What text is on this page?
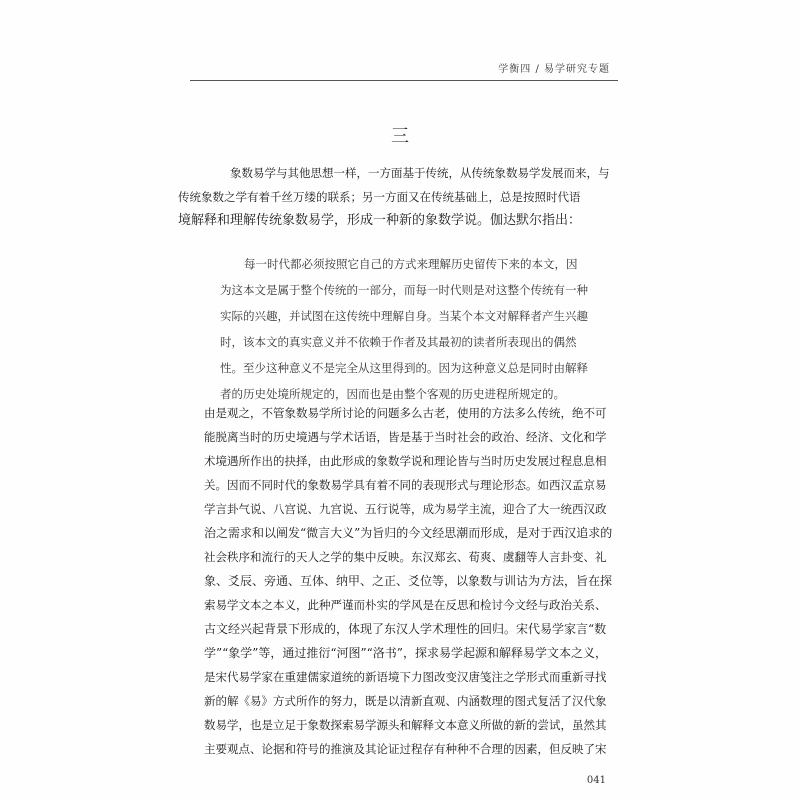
学衡四 / 易学研究专题
三

象数易学与其他思想一样，一方面基于传统，从传统象数易学发展而来，与
传统象数之学有着千丝万缕的联系；另一方面又在传统基础上，总是按照时代语
境解释和理解传统象数易学，形成一种新的象数学说。伽达默尔指出：

每一时代都必须按照它自己的方式来理解历史留传下来的本文，因
为这本文是属于整个传统的一部分，而每一时代则是对这整个传统有一种
实际的兴趣，并试图在这传统中理解自身。当某个本文对解释者产生兴趣
时，该本文的真实意义并不依赖于作者及其最初的读者所表现出的偶然
性。至少这种意义不是完全从这里得到的。因为这种意义总是同时由解释
者的历史处境所规定的，因而也是由整个客观的历史进程所规定的。

由是观之，不管象数易学所讨论的问题多么古老，使用的方法多么传统，绝不可
能脱离当时的历史境遇与学术话语，皆是基于当时社会的政治、经济、文化和学
术境遇所作出的抉择，由此形成的象数学说和理论皆与当时历史发展过程息息相
关。因而不同时代的象数易学具有着不同的表现形式与理论形态。如西汉孟京易
学言卦气说、八宫说、九宫说、五行说等，成为易学主流，迎合了大一统西汉政
治之需求和以阐发“微言大义”为旨归的今文经思潮而形成，是对于西汉追求的
社会秩序和流行的天人之学的集中反映。东汉郑玄、荀爽、虞翻等人言卦变、礼
象、爻辰、旁通、互体、纳甲、之正、爻位等，以象数与训诂为方法，旨在探
索易学文本之本义，此种严谨而朴实的学风是在反思和检讨今文经与政治关系、
古文经兴起背景下形成的，体现了东汉人学术理性的回归。宋代易学家言“数
学”“象学”等，通过推衍“河图”“洛书”，探求易学起源和解释易学文本之义，
是宋代易学家在重建儒家道统的新语境下力图改变汉唐笺注之学形式而重新寻找
新的解《易》方式所作的努力，既是以清新直观、内涵数理的图式复活了汉代象
数易学，也是立足于象数探索易学源头和解释文本意义所做的新的尝试，虽然其
主要观点、论据和符号的推演及其论证过程存有种种不合理的因素，但反映了宋

041
